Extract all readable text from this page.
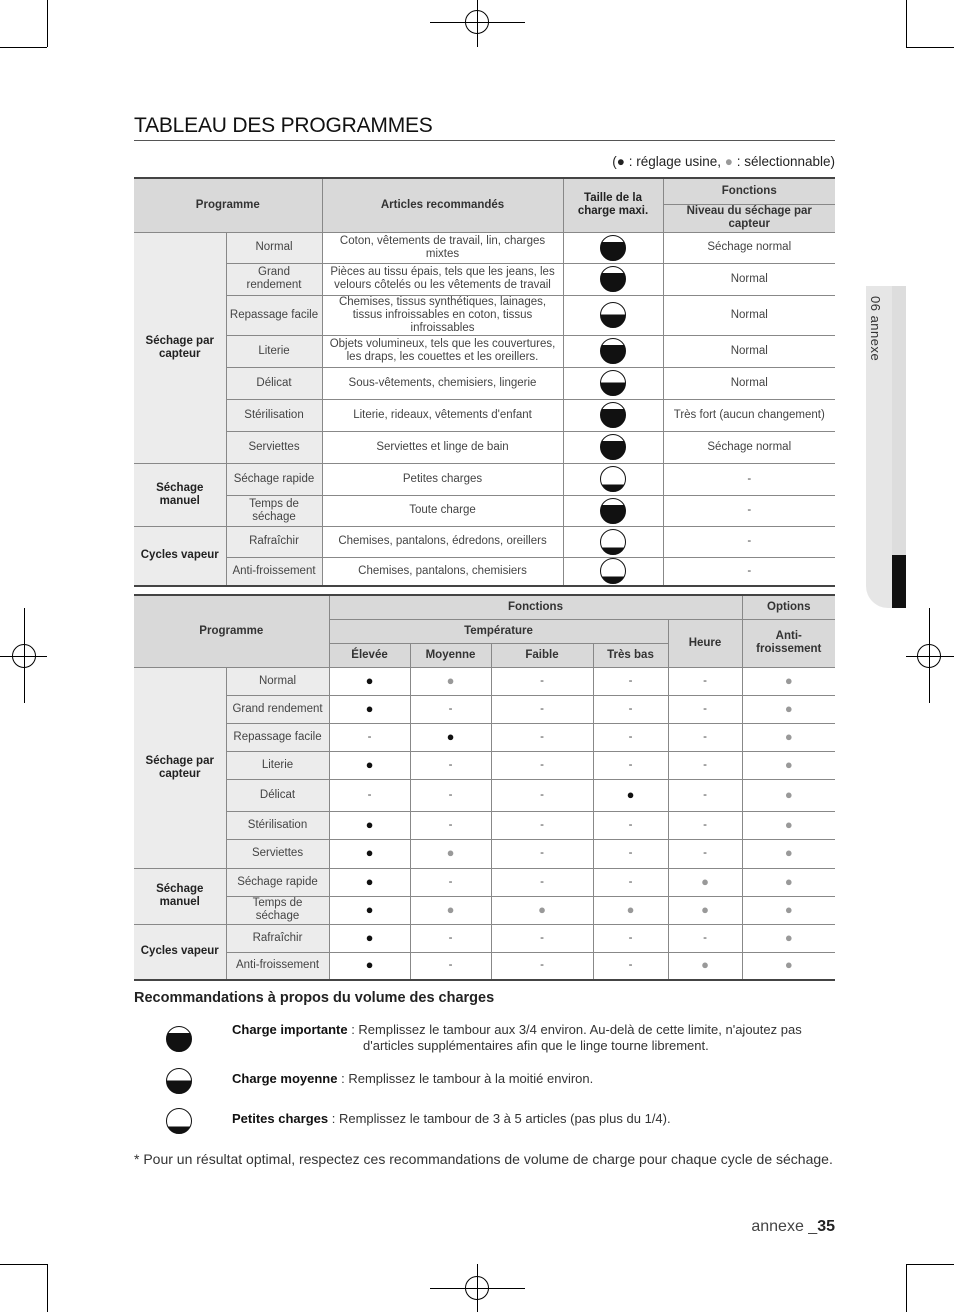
06 annexe
TABLEAU DES PROGRAMMES
(● : réglage usine, ● : sélectionnable)
Programme		Articles recommandés	Taille de la charge maxi.	Fonctions
				Niveau du séchage par capteur
Séchage par capteur	Normal	Coton, vêtements de travail, lin, charges mixtes		Séchage normal
	Grand rendement	Pièces au tissu épais, tels que les jeans, les velours côtelés ou les vêtements de travail		Normal
	Repassage facile	Chemises, tissus synthétiques, lainages, tissus infroissables en coton, tissus infroissables		Normal
	Literie	Objets volumineux, tels que les couvertures, les draps, les couettes et les oreillers.		Normal
	Délicat	Sous-vêtements, chemisiers, lingerie		Normal
	Stérilisation	Literie, rideaux, vêtements d'enfant		Très fort (aucun changement)
	Serviettes	Serviettes et linge de bain		Séchage normal
Séchage manuel	Séchage rapide	Petites charges		-
	Temps de séchage	Toute charge		-
Cycles vapeur	Rafraîchir	Chemises, pantalons, édredons, oreillers		-
	Anti-froissement	Chemises, pantalons, chemisiers		-
Programme		Fonctions					Options
		Température				Heure	Anti-froissement
		Élevée	Moyenne	Faible	Très bas		
Séchage par capteur	Normal	●	●	-	-	-	●
	Grand rendement	●	-	-	-	-	●
	Repassage facile	-	●	-	-	-	●
	Literie	●	-	-	-	-	●
	Délicat	-	-	-	●	-	●
	Stérilisation	●	-	-	-	-	●
	Serviettes	●	●	-	-	-	●
Séchage manuel	Séchage rapide	●	-	-	-	●	●
	Temps de séchage	●	●	●	●	●	●
Cycles vapeur	Rafraîchir	●	-	-	-	-	●
	Anti-froissement	●	-	-	-	●	●
Recommandations à propos du volume des charges
Charge importante : Remplissez le tambour aux 3/4 environ. Au-delà de cette limite, n'ajoutez pas
d'articles supplémentaires afin que le linge tourne librement.
Charge moyenne : Remplissez le tambour à la moitié environ.
Petites charges : Remplissez le tambour de 3 à 5 articles (pas plus du 1/4).
* Pour un résultat optimal, respectez ces recommandations de volume de charge pour chaque cycle de séchage.
annexe _35
